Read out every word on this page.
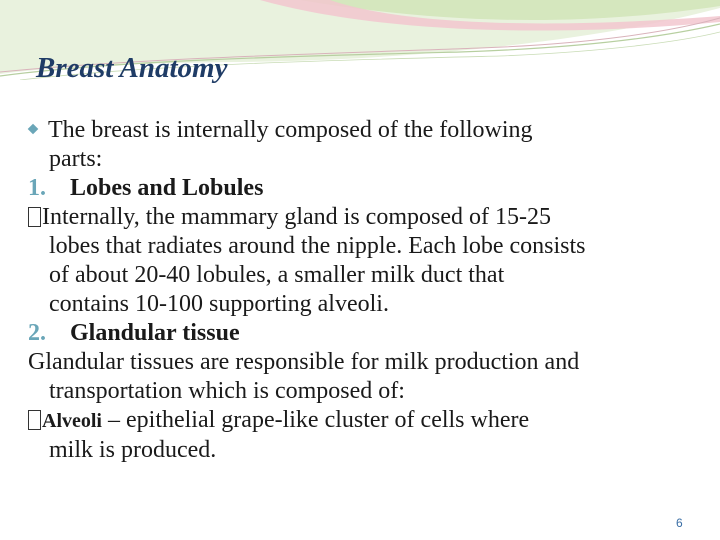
Breast Anatomy
The breast is internally composed of the following
parts:
1. Lobes and Lobules
Internally, the mammary gland is composed of 15-25
lobes that radiates around the nipple. Each lobe consists
of about 20-40 lobules, a smaller milk duct that
contains 10-100 supporting alveoli.
2. Glandular tissue
Glandular tissues are responsible for milk production and
transportation which is composed of:
Alveoli – epithelial grape-like cluster of cells where
milk is produced.
6
